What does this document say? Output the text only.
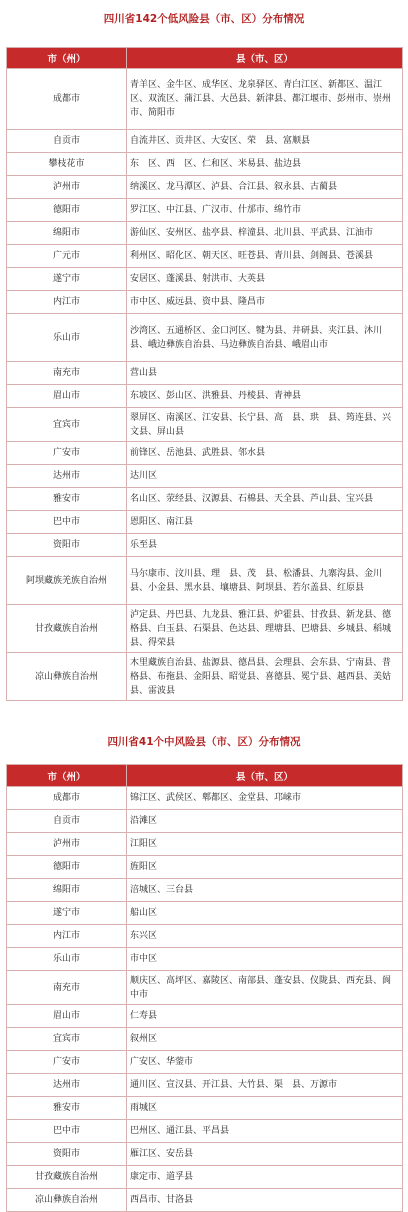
四川省142个低风险县（市、区）分布情况
市（州）	县（市、区）
成都市	青羊区、金牛区、成华区、龙泉驿区、青白江区、新都区、温江区、双流区、蒲江县、大邑县、新津县、都江堰市、彭州市、崇州市、简阳市
自贡市	自流井区、贡井区、大安区、荣　县、富顺县
攀枝花市	东　区、西　区、仁和区、米易县、盐边县
泸州市	纳溪区、龙马潭区、泸县、合江县、叙永县、古蔺县
德阳市	罗江区、中江县、广汉市、什邡市、绵竹市
绵阳市	游仙区、安州区、盐亭县、梓潼县、北川县、平武县、江油市
广元市	利州区、昭化区、朝天区、旺苍县、青川县、剑阁县、苍溪县
遂宁市	安居区、蓬溪县、射洪市、大英县
内江市	市中区、威远县、资中县、隆昌市
乐山市	沙湾区、五通桥区、金口河区、犍为县、井研县、夹江县、沐川县、峨边彝族自治县、马边彝族自治县、峨眉山市
南充市	营山县
眉山市	东坡区、彭山区、洪雅县、丹棱县、青神县
宜宾市	翠屏区、南溪区、江安县、长宁县、高　县、珙　县、筠连县、兴文县、屏山县
广安市	前锋区、岳池县、武胜县、邻水县
达州市	达川区
雅安市	名山区、荥经县、汉源县、石棉县、天全县、芦山县、宝兴县
巴中市	恩阳区、南江县
资阳市	乐至县
阿坝藏族羌族自治州	马尔康市、汶川县、理　县、茂　县、松潘县、九寨沟县、金川县、小金县、黑水县、壤塘县、阿坝县、若尔盖县、红原县
甘孜藏族自治州	泸定县、丹巴县、九龙县、雅江县、炉霍县、甘孜县、新龙县、德格县、白玉县、石渠县、色达县、理塘县、巴塘县、乡城县、稻城县、得荣县
凉山彝族自治州	木里藏族自治县、盐源县、德昌县、会理县、会东县、宁南县、普格县、布拖县、金阳县、昭觉县、喜德县、冕宁县、越西县、美姑县、雷波县
四川省41个中风险县（市、区）分布情况
市（州）	县（市、区）
成都市	锦江区、武侯区、郫都区、金堂县、邛崃市
自贡市	沿滩区
泸州市	江阳区
德阳市	旌阳区
绵阳市	涪城区、三台县
遂宁市	船山区
内江市	东兴区
乐山市	市中区
南充市	顺庆区、高坪区、嘉陵区、南部县、蓬安县、仪陇县、西充县、阆中市
眉山市	仁寿县
宜宾市	叙州区
广安市	广安区、华蓥市
达州市	通川区、宣汉县、开江县、大竹县、渠　县、万源市
雅安市	雨城区
巴中市	巴州区、通江县、平昌县
资阳市	雁江区、安岳县
甘孜藏族自治州	康定市、道孚县
凉山彝族自治州	西昌市、甘洛县
